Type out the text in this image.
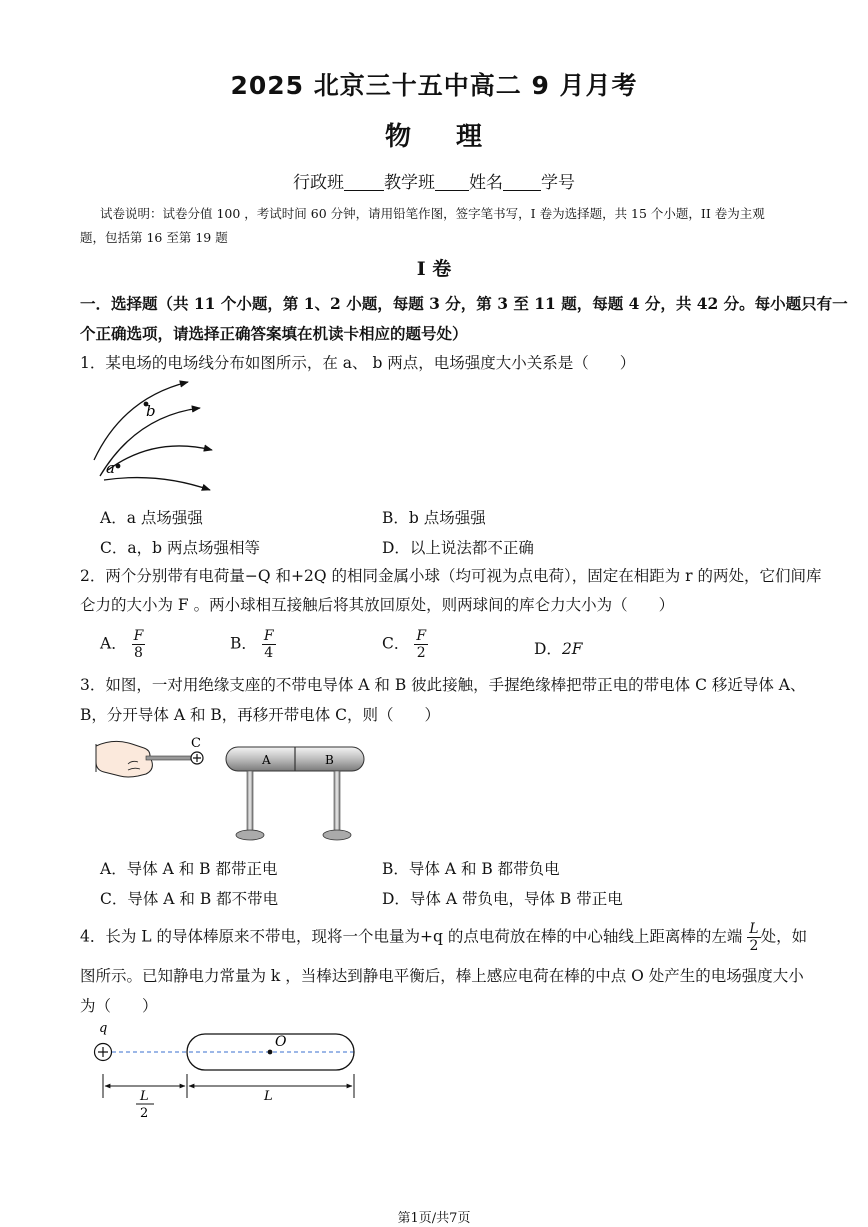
2025 北京三十五中高二 9 月月考
物 理
行政班 教学班 姓名 学号
试卷说明：试卷分值 100 ，考试时间 60 分钟，请用铅笔作图，签字笔书写，I 卷为选择题，共 15 个小题，II 卷为主观
题，包括第 16 至第 19 题
I 卷
一．选择题（共 11 个小题，第 1、2 小题，每题 3 分，第 3 至 11 题，每题 4 分，共 42 分。每小题只有一
个正确选项，请选择正确答案填在机读卡相应的题号处）
1．某电场的电场线分布如图所示，在 a、 b 两点，电场强度大小关系是（　　）
b
a
A．a 点场强强	B．b 点场强强
C．a，b 两点场强相等	D．以上说法都不正确
2．两个分别带有电荷量−Q 和+2Q 的相同金属小球（均可视为点电荷），固定在相距为 r 的两处，它们间库
仑力的大小为 F 。两小球相互接触后将其放回原处，则两球间的库仑力大小为（　　）
A． $\frac{F}{8}$	B． $\frac{F}{4}$	C． $\frac{F}{2}$	D．2F
3．如图，一对用绝缘支座的不带电导体 A 和 B 彼此接触，手握绝缘棒把带正电的带电体 C 移近导体 A、
B，分开导体 A 和 B，再移开带电体 C，则（　　）
C
A	B
A．导体 A 和 B 都带正电	B．导体 A 和 B 都带负电
C．导体 A 和 B 都不带电	D．导体 A 带负电，导体 B 带正电
4．长为 L 的导体棒原来不带电，现将一个电量为+q 的点电荷放在棒的中心轴线上距离棒的左端 $\frac{L}{2}$ 处，如
图所示。已知静电力常量为 k ，当棒达到静电平衡后，棒上感应电荷在棒的中点 O 处产生的电场强度大小
为（　　）
q
O
L
2
L
第1页/共7页
